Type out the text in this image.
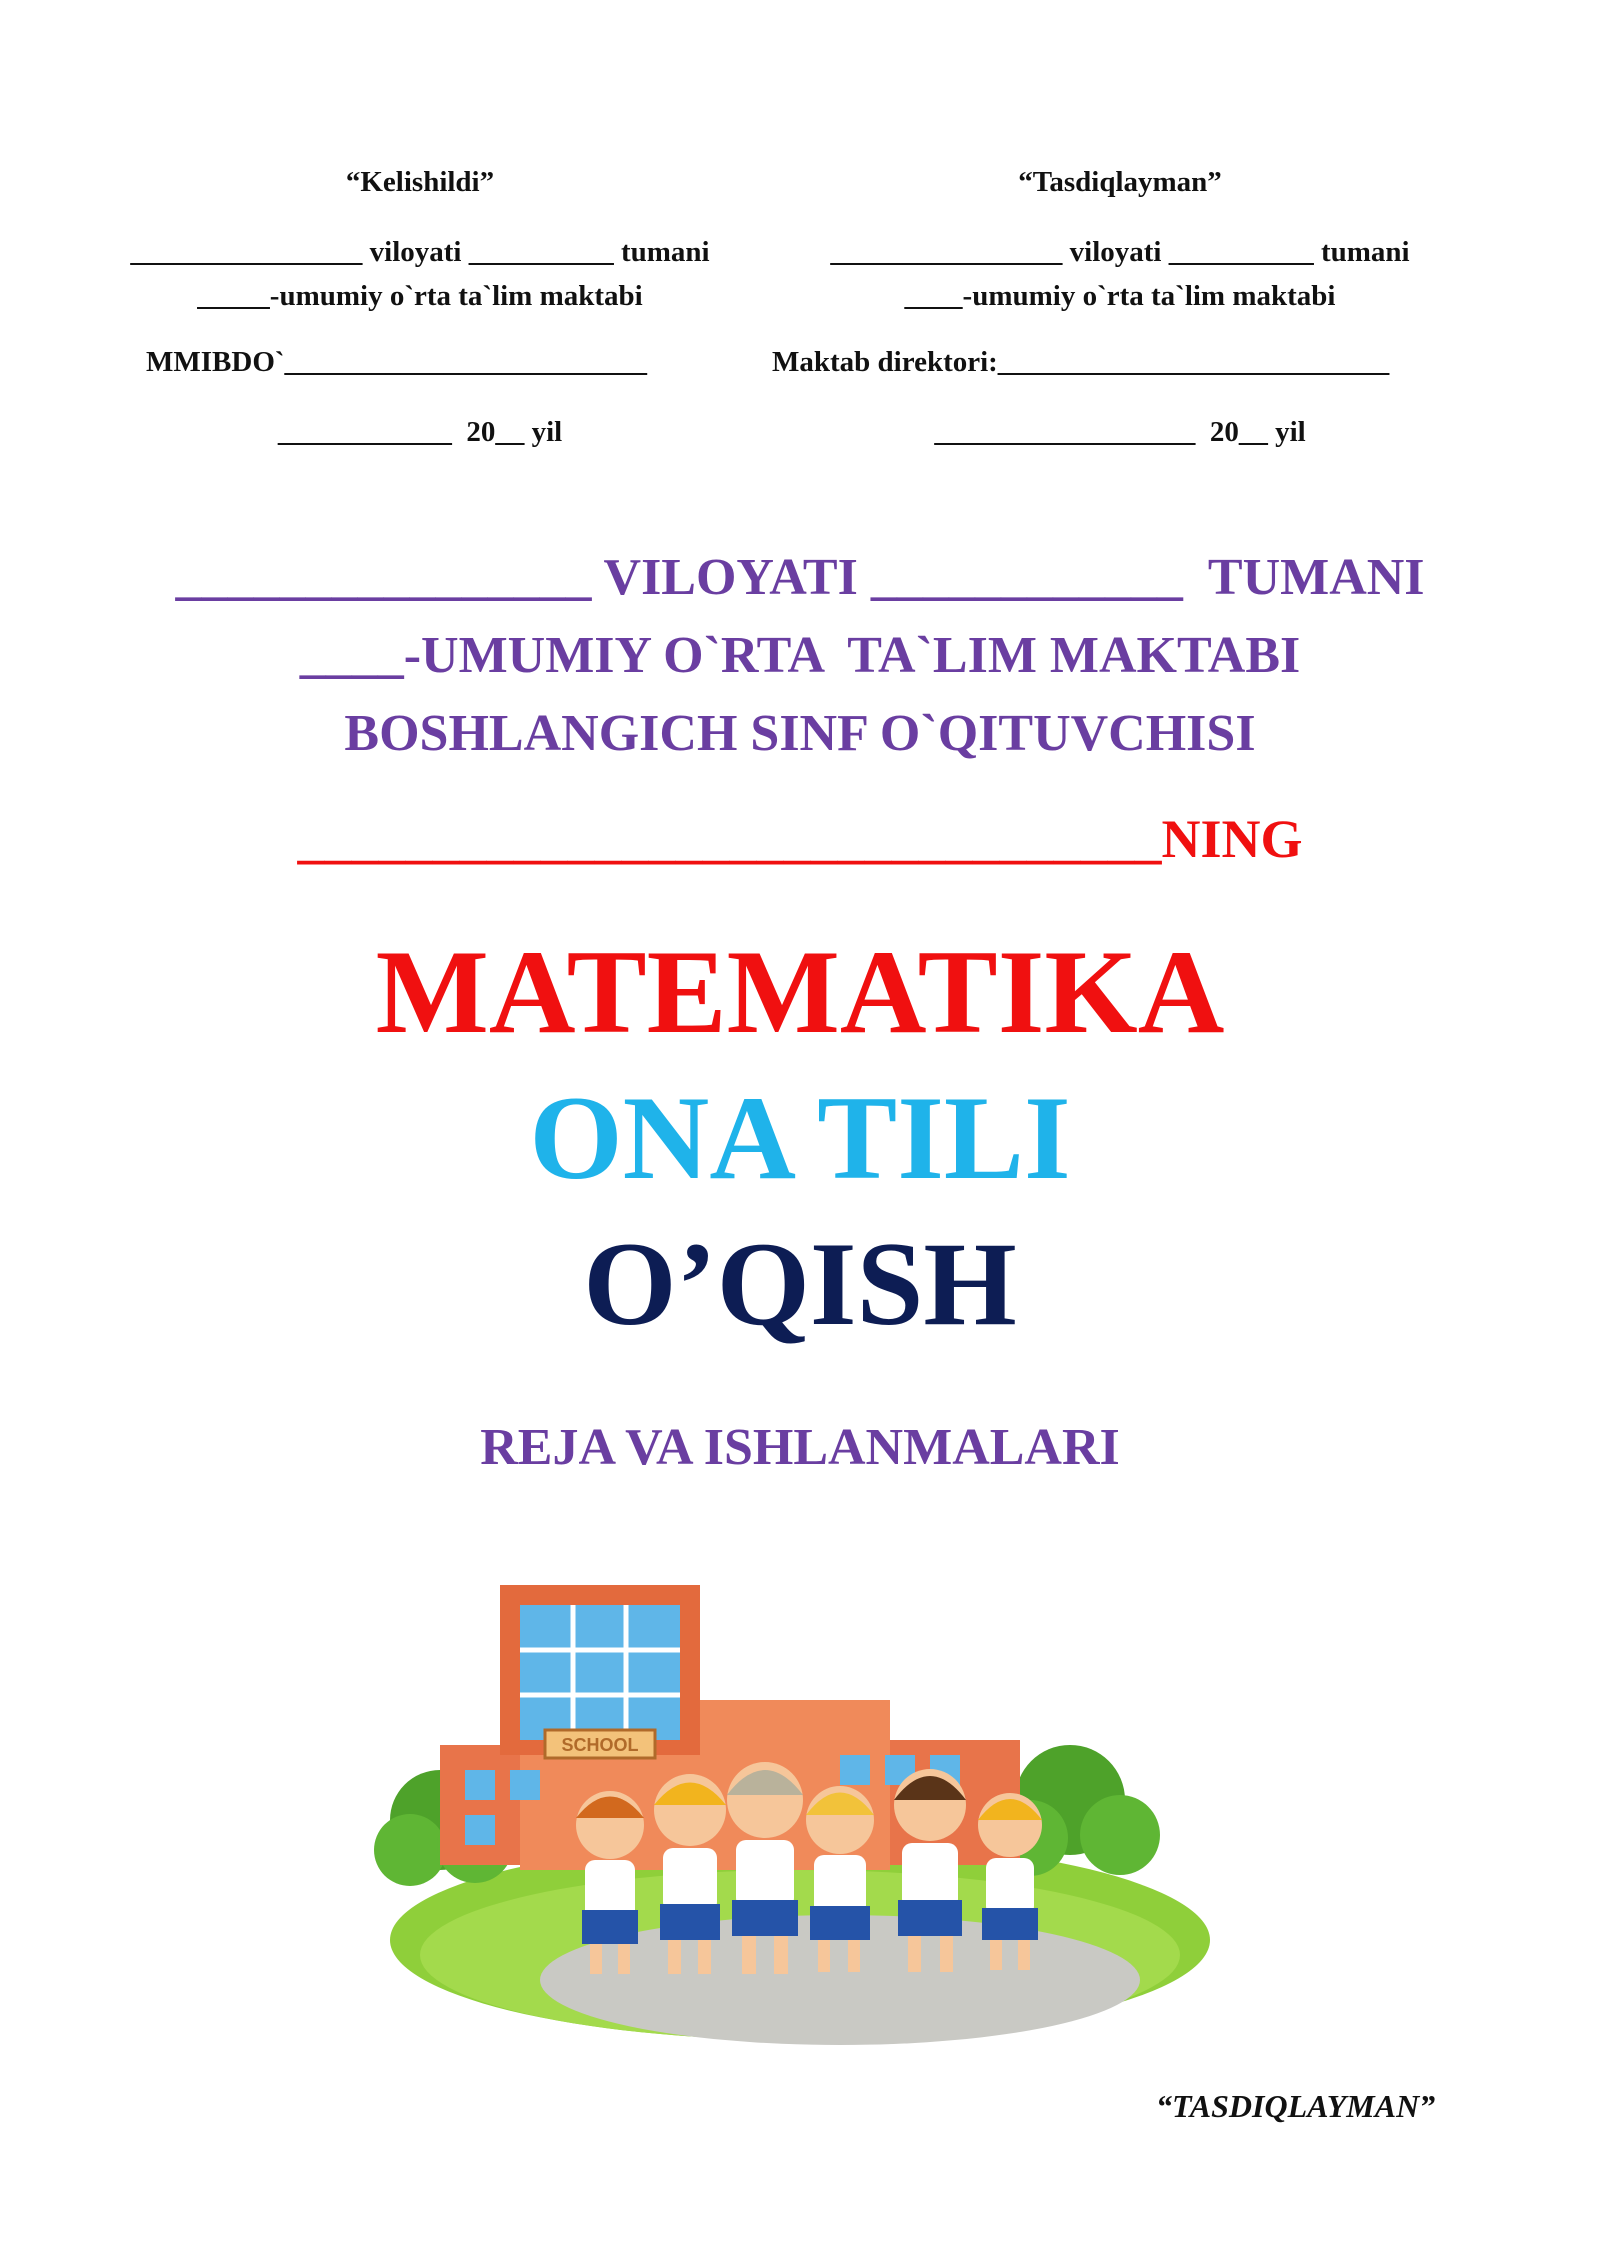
“Kelishildi”
________________ viloyati __________ tumani
_____-umumiy o`rta ta`lim maktabi
MMIBDO`_________________________
____________  20__ yil
“Tasdiqlayman”
________________ viloyati __________ tumani
____-umumiy o`rta ta`lim maktabi
Maktab direktori:___________________________
__________________  20__ yil
________________ VILOYATI ____________  TUMANI
____-UMUMIY O`RTA  TA`LIM MAKTABI
BOSHLANGICH SINF O`QITUVCHISI
________________________________NING
MATEMATIKA
ONA TILI
O’QISH
REJA VA ISHLANMALARI
SCHOOL
“TASDIQLAYMAN”
